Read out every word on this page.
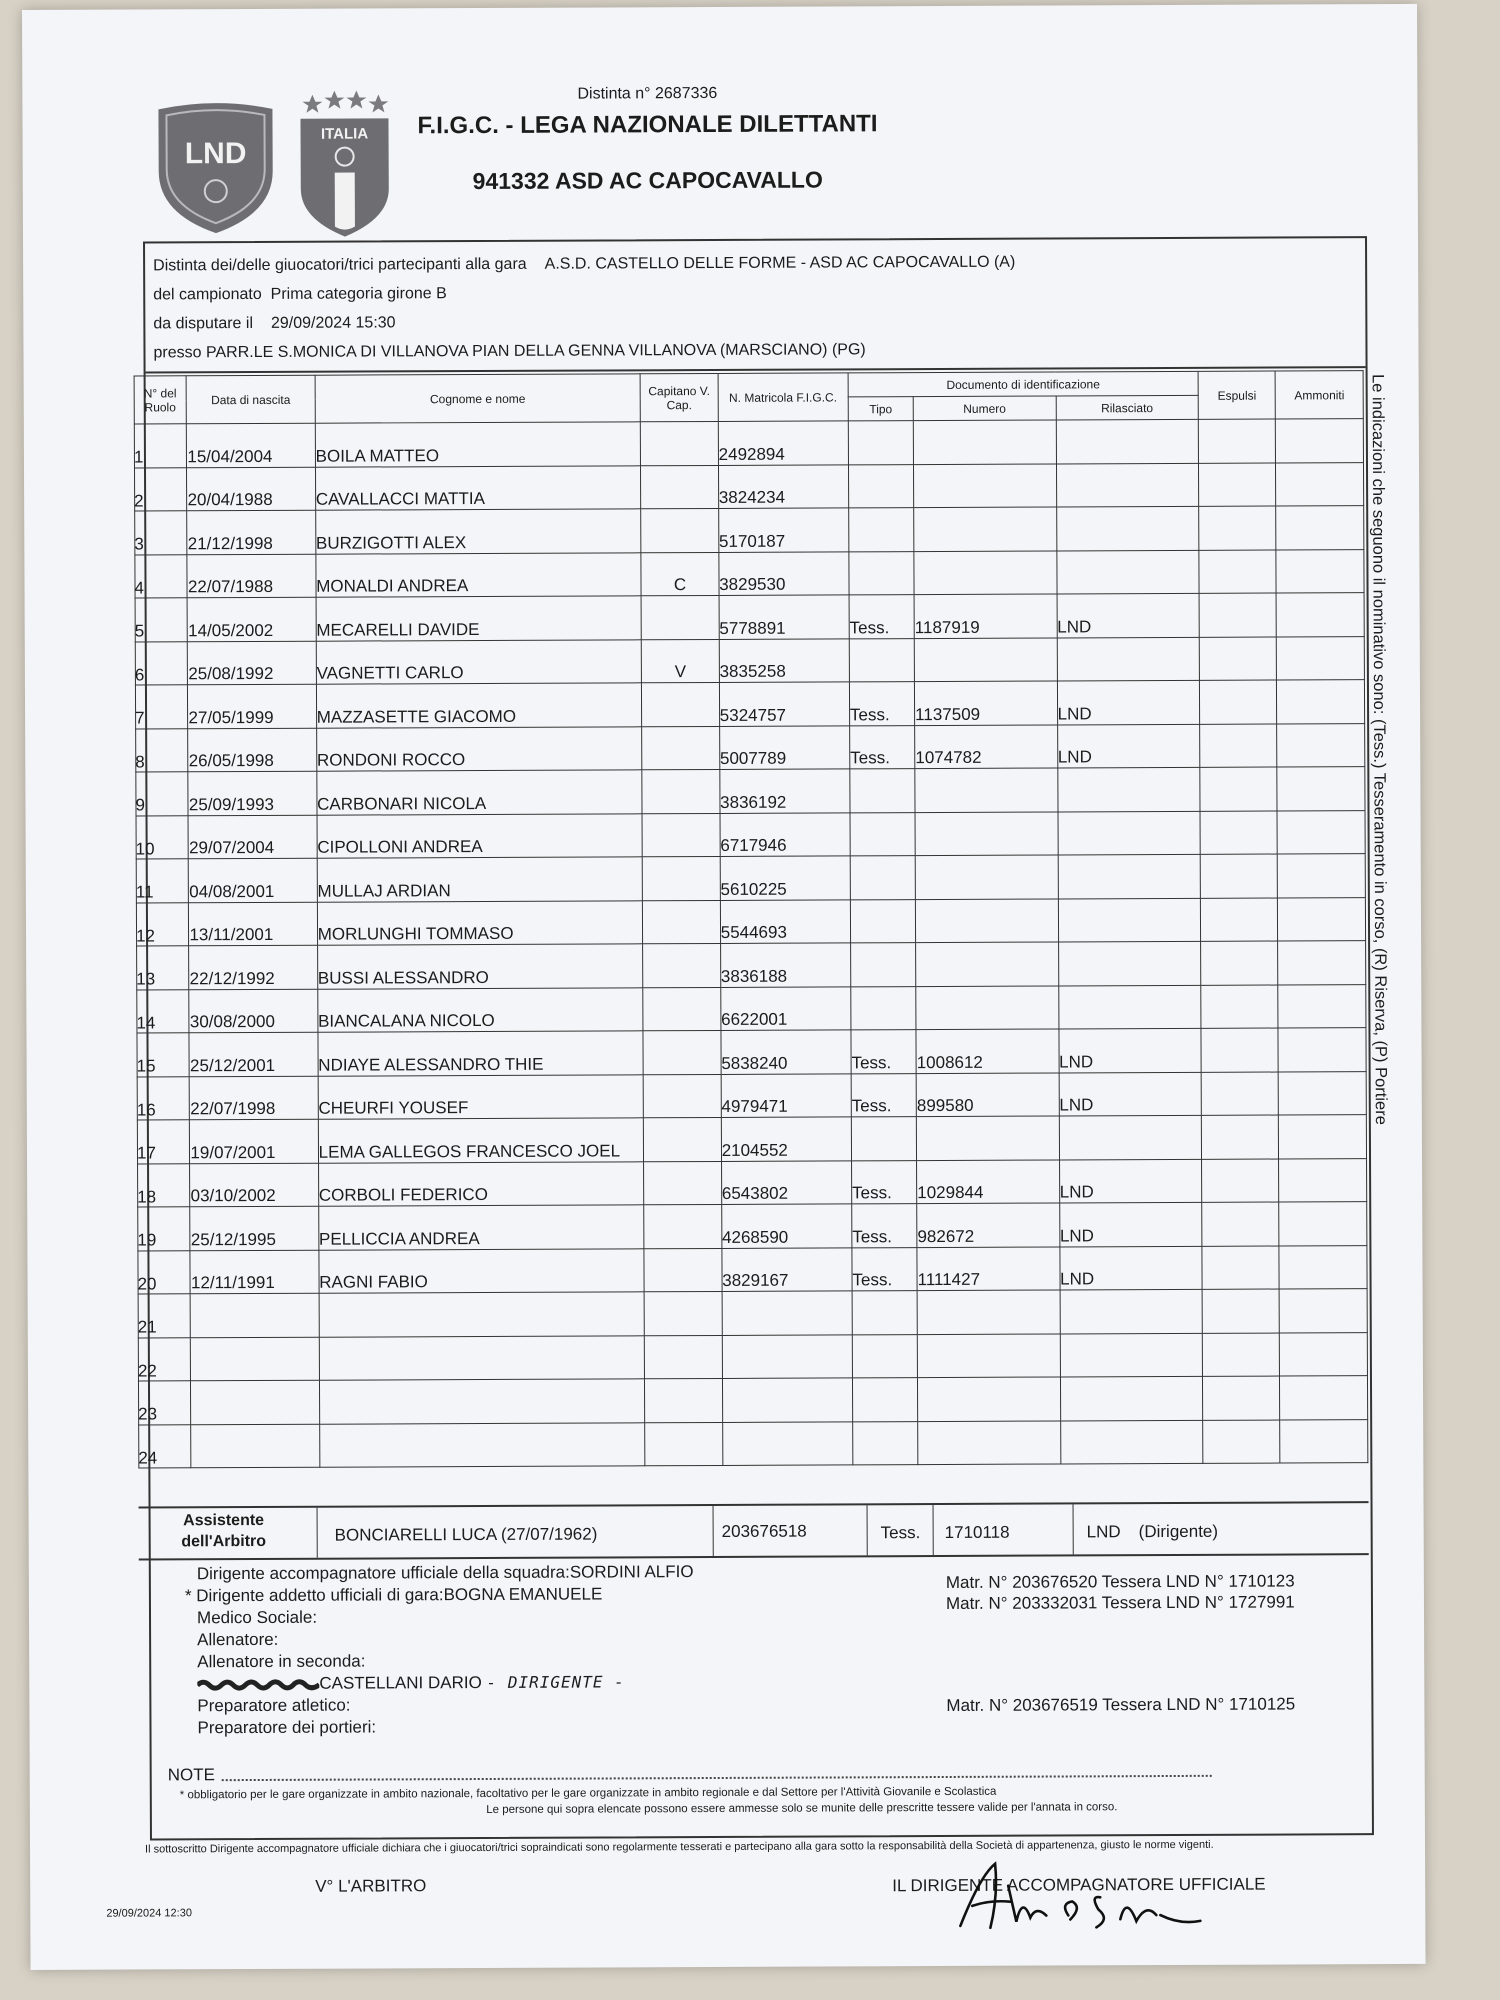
LND
ITALIA
Distinta n° 2687336
F.I.G.C. - LEGA NAZIONALE DILETTANTI
941332 ASD AC CAPOCAVALLO
Distinta dei/delle giuocatori/trici partecipanti alla gara A.S.D. CASTELLO DELLE FORME - ASD AC CAPOCAVALLO (A)
del campionato Prima categoria girone B
da disputare il 29/09/2024 15:30
presso PARR.LE S.MONICA DI VILLANOVA PIAN DELLA GENNA VILLANOVA (MARSCIANO) (PG)
	N° del Ruolo	Data di nascita	Cognome e nome	Capitano V. Cap.	N. Matricola F.I.G.C.	Documento di identificazione			Espulsi	Ammoniti
					Tipo	Numero	Rilasciato		
1		15/04/2004	BOILA MATTEO		2492894					
2		20/04/1988	CAVALLACCI MATTIA		3824234					
3		21/12/1998	BURZIGOTTI ALEX		5170187					
4		22/07/1988	MONALDI ANDREA	C	3829530					
5		14/05/2002	MECARELLI DAVIDE		5778891	Tess.	1187919	LND		
6		25/08/1992	VAGNETTI CARLO	V	3835258					
7		27/05/1999	MAZZASETTE GIACOMO		5324757	Tess.	1137509	LND		
8		26/05/1998	RONDONI ROCCO		5007789	Tess.	1074782	LND		
9		25/09/1993	CARBONARI NICOLA		3836192					
10		29/07/2004	CIPOLLONI ANDREA		6717946					
11		04/08/2001	MULLAJ ARDIAN		5610225					
12		13/11/2001	MORLUNGHI TOMMASO		5544693					
13		22/12/1992	BUSSI ALESSANDRO		3836188					
14		30/08/2000	BIANCALANA NICOLO		6622001					
15		25/12/2001	NDIAYE ALESSANDRO THIE		5838240	Tess.	1008612	LND		
16		22/07/1998	CHEURFI YOUSEF		4979471	Tess.	899580	LND		
17		19/07/2001	LEMA GALLEGOS FRANCESCO JOEL		2104552					
18		03/10/2002	CORBOLI FEDERICO		6543802	Tess.	1029844	LND		
19		25/12/1995	PELLICCIA ANDREA		4268590	Tess.	982672	LND		
20		12/11/1991	RAGNI FABIO		3829167	Tess.	1111427	LND		
21										
22										
23										
24										
Assistente
dell'Arbitro	BONCIARELLI LUCA (27/07/1962)	203676518	Tess. 1710118	LND (Dirigente)
Dirigente accompagnatore ufficiale della squadra:SORDINI ALFIO
* Dirigente addetto ufficiali di gara:BOGNA EMANUELE
Medico Sociale:
Allenatore:
Allenatore in seconda:
CASTELLANI DARIO - DIRIGENTE -
Preparatore atletico:
Preparatore dei portieri:
Matr. N° 203676520 Tessera LND N° 1710123
Matr. N° 203332031 Tessera LND N° 1727991
Matr. N° 203676519 Tessera LND N° 1710125
NOTE
* obbligatorio per le gare organizzate in ambito nazionale, facoltativo per le gare organizzate in ambito regionale e dal Settore per l'Attività Giovanile e Scolastica
Le persone qui sopra elencate possono essere ammesse solo se munite delle prescritte tessere valide per l'annata in corso.
Il sottoscritto Dirigente accompagnatore ufficiale dichiara che i giuocatori/trici sopraindicati sono regolarmente tesserati e partecipano alla gara sotto la responsabilità della Società di appartenenza, giusto le norme vigenti.
V° L'ARBITRO	IL DIRIGENTE ACCOMPAGNATORE UFFICIALE
29/09/2024 12:30
Le indicazioni che seguono il nominativo sono: (Tess.) Tesseramento in corso, (R) Riserva, (P) Portiere
